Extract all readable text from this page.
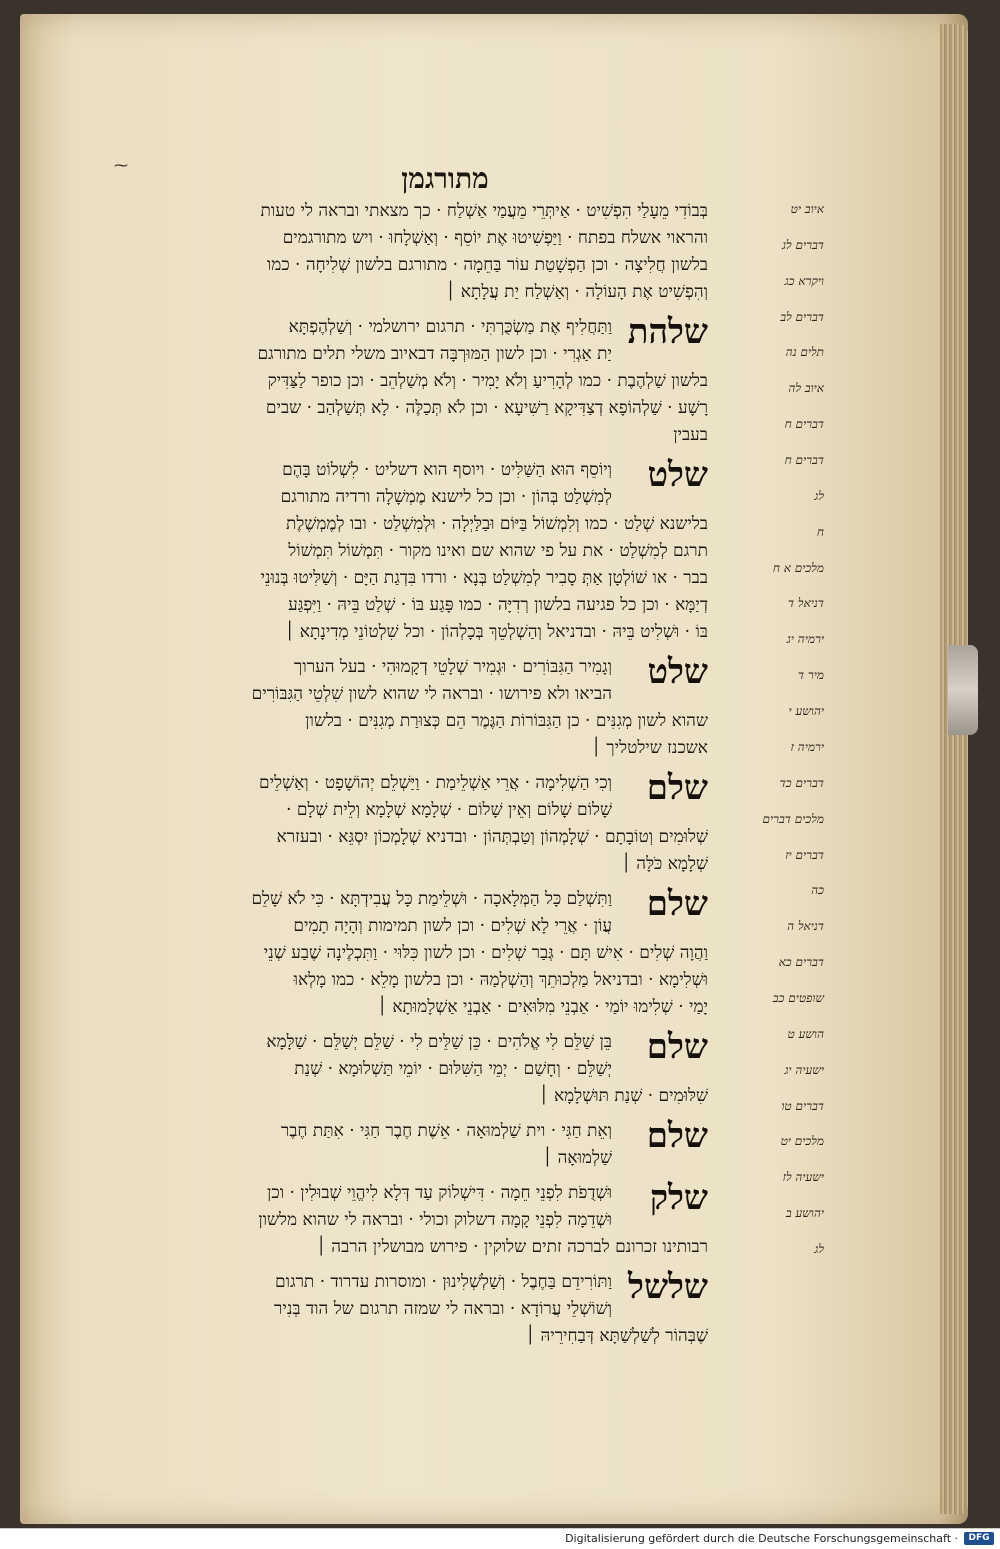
⁓	מתורגמן
בְּבוֹדִי מֵעָלַי הִפְשִׁיט · אַיתְּרֵי מֵעֲמַי אַשְׁלַח · כך מצאתי ובראה לי טעות
והראוי אשלח בפתח · וַיַּפְשִׁיטוּ אֶת יוֹסֵף · וְאַשְׁלָחוּ · ויש מתורגמים
בלשון חֲלִיצָה · וכן הַפְשָׁטַת עוֹר בַּחֵמָה · מתורגם בלשון שְׁלִיחָה · כמו
וְהִפְשִׁיט אֶת הָעוֹלָה · וְאַשְׁלַח יַת עֲלָתָא ׀
שלהת
וַתַּחֲלִיף אֶת מַשְׂכֻּרְתִּי · תרגום ירושלמי · וְשַׁלְהֶפְתָּא
יַת אַגְרִי · וכן לשון הַמּוּרְבָּה דבאיוב משלי תלים מתורגם
בלשון שַׁלְהֶבֶת · כמו לְהָרִיעַ וְלֹא יָמִיר · וְלֹא מְשַׁלְהֵב · וכן כופר לַצַּדִּיק
רָשָׁע · שַׁלְהוֹפָא דְצַדִּיקָא רַשִּׁיעָא · וכן לֹא תְּכַלֶּה · לָא תְּשַׁלְהַב · שבים
בעבין
שלט
וְיוֹסֵף הוּא הַשַּׁלִּיט · ויוסף הוא דשליט · לִשְׁלוֹט בָּהֶם
לְמִשְׁלַט בְּהוֹן · וכן כל לישנא מֶמְשָׁלָה ורדיה מתורגם
בלישנא שְׁלַט · כמו וְלִמְשׁוֹל בַּיּוֹם וּבַלַּיְלָה · וּלְמִשְׁלַט · ובו לְמֶמְשֶׁלֶת
תרגם לְמִשְׁלַט · את על פי שהוא שם ואינו מקור · תִּמְשׁוֹל תִּמְשׁוֹל
בבר · או שׁוֹלְטָן אַתְּ סָבִיר לְמִשְׁלַט בְּנָא · ורדו בִּדְגַת הַיָּם · וְשַׁלִּיטוּ בְּנוּנֵי
דְיַמָּא · וכן כל פגיעה בלשון רְדִיָּה · כמו פָּגַע בּוֹ · שְׁלַט בֵּיהּ · וַיִּפְגַּע
בּוֹ · וּשְׁלִיט בֵּיהּ · ובדניאל וְהַשְׁלְטֵךְ בְּכָלְהוֹן · וכל שִׁלְטוֹנֵי מְדִינָתָא ׀
שלט
וְגָמִיר הַגִּבּוֹרִים · וּגְמִיר שְׁלָטֵי דְקָמוּהִי · בעל הערוך
הביאו ולא פירושו · ובראה לי שהוא לשון שִׁלְטֵי הַגִּבּוֹרִים
שהוא לשון מְגִנִּים · כן הַגִּבּוֹרוֹת הַגֶּמֶר הֵם כְּצוּרַת מְגִנִּים · בלשון
אשכנז שילטליך ׀
שלם
וְכִי הַשְׁלִימָה · אֲרֵי אַשְׁלֵימַת · וַיַּשְׁלֵם יְהוֹשָׁפָט · וְאַשְׁלֵים
שָׁלוֹם שָׁלוֹם וְאֵין שָׁלוֹם · שְׁלָמָא שְׁלָמָא וְלֵית שְׁלָם ·
שְׁלוּמִים וְטוֹבָתָם · שְׁלָמְהוֹן וְטַבְתְּהוֹן · ובדניא שְׁלָמְכוֹן יִסְגֵּא · ובעזרא
שְׁלָמָא כֹּלָּה ׀
שלם
וַתִּשְׁלַם כָּל הַמְּלָאכָה · וּשְׁלֵימַת כָּל עֲבִידְתָּא · כִּי לֹא שָׁלֵם
עֲוֹן · אֲרֵי לָא שְׁלִים · וכן לשון תמימות וְהָיָה תָמִים
וַהֲוָה שְׁלִים · אִישׁ תָּם · גְּבַר שְׁלִים · וכן לשון כִּלּוּי · וַתִּכְלֶינָה שֶׁבַע שְׁנֵי
וּשְׁלִימָא · ובדניאל מַלְכוּתֵךְ וְהַשְׁלְמַהּ · וכן בלשון מָלֵא · כמו מָלְאוּ
יָמַי · שְׁלִימוּ יוֹמַי · אַבְנֵי מִלּוּאִים · אַבְנֵי אַשְׁלָמוּתָא ׀
שלם
בֵּן שַׁלֵּם לִי אֱלֹהִים · כֵּן שַׁלֵּים לִי · שַׁלֵּם יְשַׁלֵּם · שַׁלָּמָא
יְשַׁלֵּם · וְחָשַׁם · יְמֵי הַשִּׁלּוּם · יוֹמֵי תַּשְׁלוּמָא · שְׁנַת
שִׁלּוּמִים · שְׁנַת תּוּשְׁלָמָא ׀
שלם
וְאֵת חַגִּי · וית שַׁלְמוּאָה · אֵשֶׁת חֶבֶר חַגִּי · אִתַּת חֶבֶר
שַׁלְמוּאָה ׀
שלק
וּשְׁדֻפֹת לִפְנֵי חֵמָה · דִּישְׁלוֹק עַד דְּלָא לִיהֱוֵי שְׁבוּלִין · וכן
וּשְׁדֵמָה לִפְנֵי קָמָה דשלוק וכולי · ובראה לי שהוא מלשון
רבותינו זכרונם לברכה זתים שלוקין · פירוש מבושלין הרבה ׀
שלשל
וַתּוֹרִידֵם בַּחֶבֶל · וְשַׁלְשְׁלִינוּן · ומוסרות עדרוד · תרגום
וְשׁוֹשְׁלֵי עֲרוֹדָא · ובראה לי שמזה תרגום של הוד בְּנִיר
שֶׁבְּהוֹר לְשַׁלְשַׁתָּא דְּבַחִירֵיהּ ׀
איוב יט
דברים לג
ויקרא כג
דברים לב
תלים נה
איוב לה
דברים ח
דברים ח
לג
ח
מלכים א ח
דניאל ד
ירמיה יג
מיר ד
יהושע י
ירמיה ז
דברים כד
מלכים דברים
דברים יז
כה
דניאל ה
דברים כא
שופטים כב
הושע ט
ישעיה יג
דברים טו
מלכים יט
ישעיה לז
יהושע ב
לג
Digitalisierung gefördert durch die Deutsche Forschungsgemeinschaft ·	DFG
